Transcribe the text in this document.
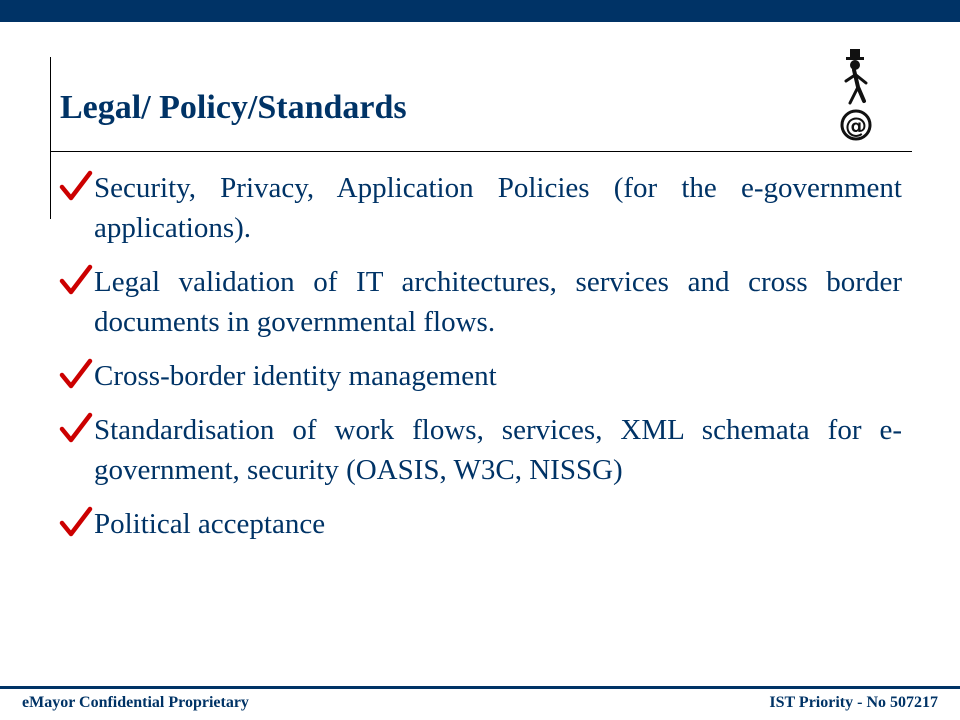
Legal/ Policy/Standards
@
Security, Privacy, Application Policies (for the e-government applications).
Legal validation of IT architectures, services and cross border documents in governmental flows.
Cross-border identity management
Standardisation of work flows, services, XML schemata for e-government, security (OASIS, W3C, NISSG)
Political acceptance
eMayor Confidential Proprietary	IST Priority - No 507217
